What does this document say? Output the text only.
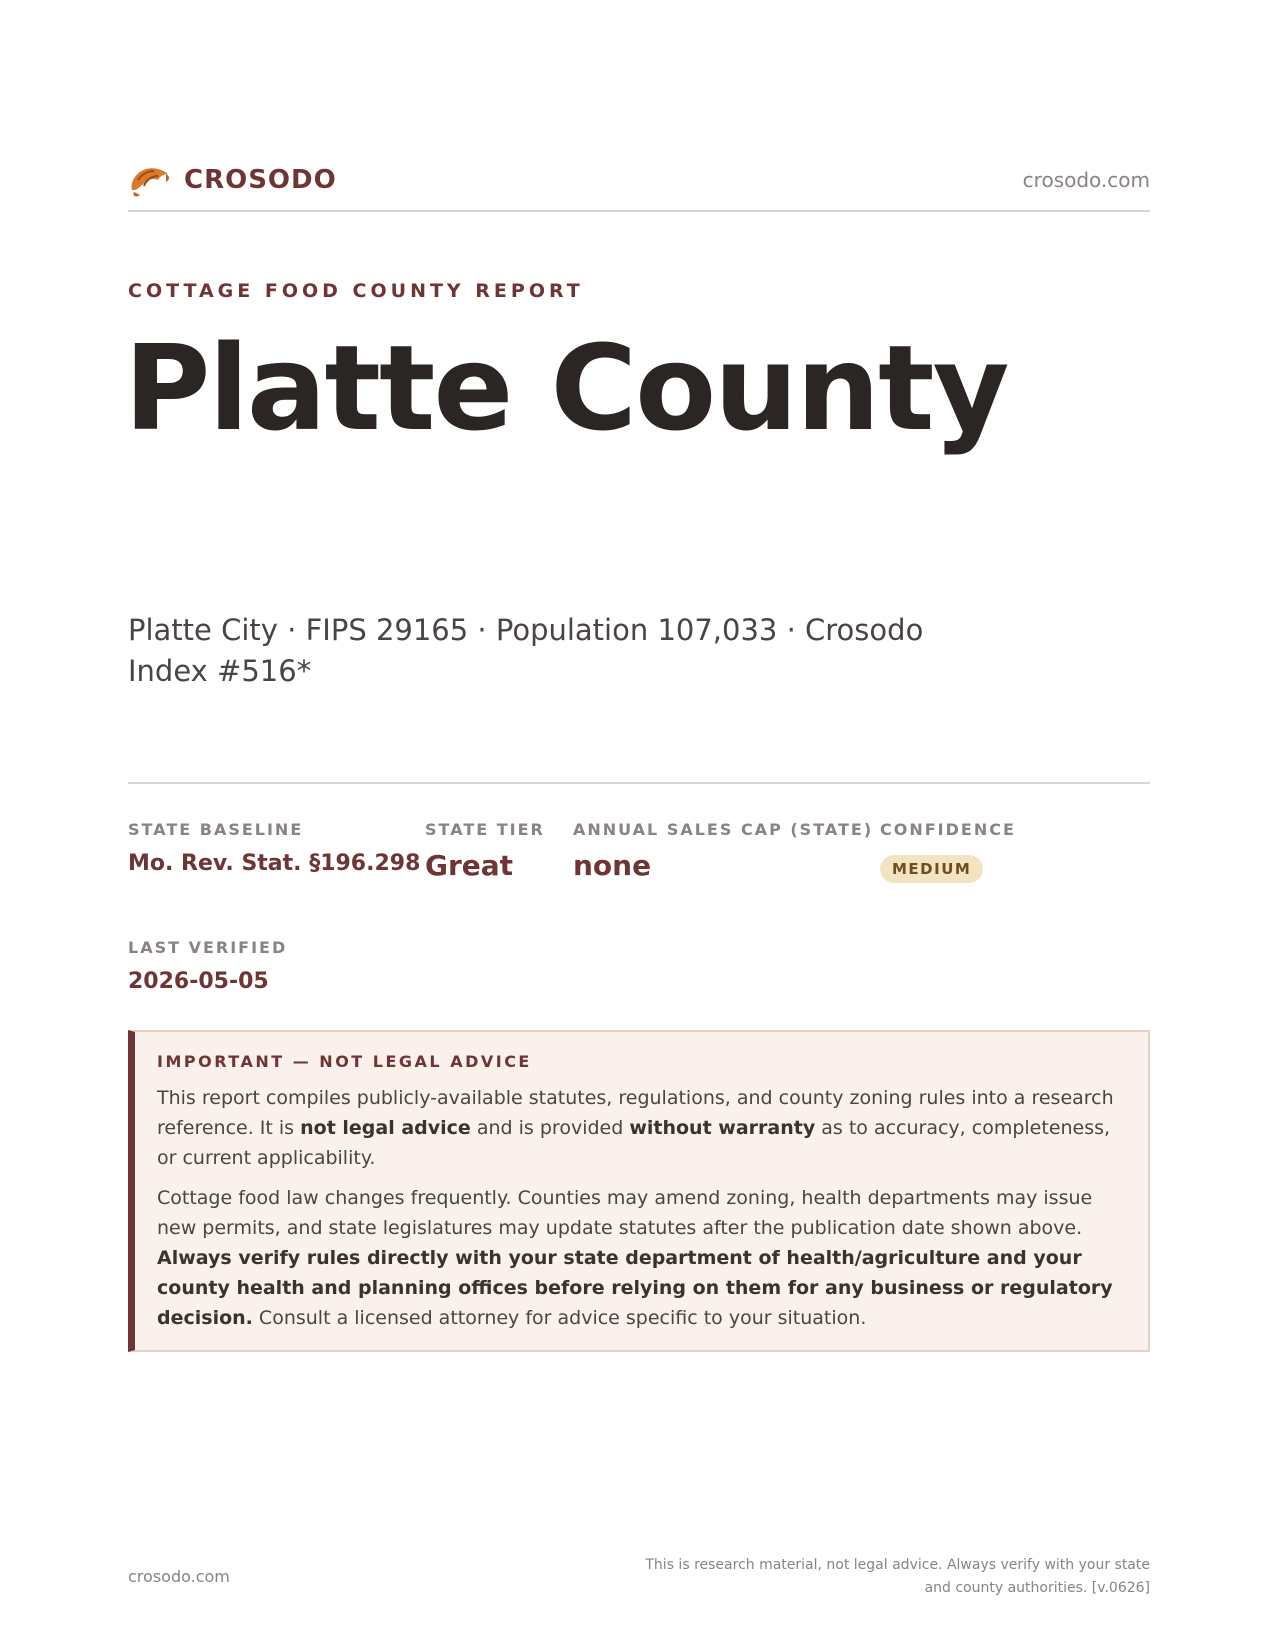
CROSODO	crosodo.com
COTTAGE FOOD COUNTY REPORT
Platte County
Platte City · FIPS 29165 · Population 107,033 · Crosodo Index #516*
STATE BASELINE
Mo. Rev. Stat. §196.298
STATE TIER
Great
ANNUAL SALES CAP (STATE)
none
CONFIDENCE
MEDIUM
LAST VERIFIED
2026-05-05
IMPORTANT — NOT LEGAL ADVICE

This report compiles publicly-available statutes, regulations, and county zoning rules into a research reference. It is not legal advice and is provided without warranty as to accuracy, completeness, or current applicability.

Cottage food law changes frequently. Counties may amend zoning, health departments may issue new permits, and state legislatures may update statutes after the publication date shown above. Always verify rules directly with your state department of health/agriculture and your county health and planning offices before relying on them for any business or regulatory decision. Consult a licensed attorney for advice specific to your situation.

crosodo.com
This is research material, not legal advice. Always verify with your state
and county authorities. [v.0626]
